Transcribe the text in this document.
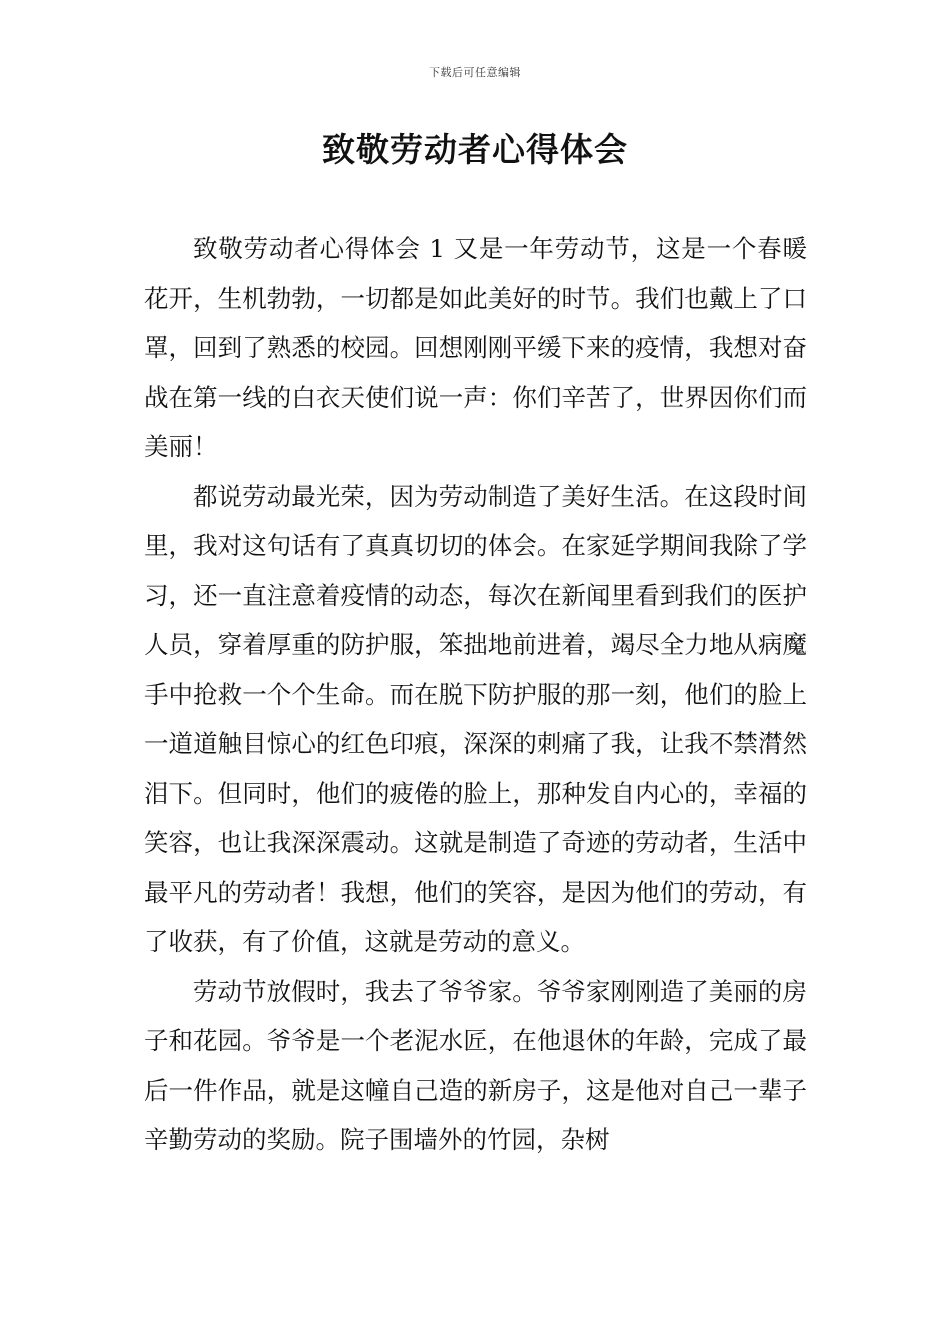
下载后可任意编辑
致敬劳动者心得体会

致敬劳动者心得体会 1 又是一年劳动节，这是一个春暖花开，生机勃勃，一切都是如此美好的时节。我们也戴上了口罩，回到了熟悉的校园。回想刚刚平缓下来的疫情，我想对奋战在第一线的白衣天使们说一声：你们辛苦了，世界因你们而美丽！

都说劳动最光荣，因为劳动制造了美好生活。在这段时间里，我对这句话有了真真切切的体会。在家延学期间我除了学习，还一直注意着疫情的动态，每次在新闻里看到我们的医护人员，穿着厚重的防护服，笨拙地前进着，竭尽全力地从病魔手中抢救一个个生命。而在脱下防护服的那一刻，他们的脸上一道道触目惊心的红色印痕，深深的刺痛了我，让我不禁潸然泪下。但同时，他们的疲倦的脸上，那种发自内心的，幸福的笑容，也让我深深震动。这就是制造了奇迹的劳动者，生活中最平凡的劳动者！我想，他们的笑容，是因为他们的劳动，有了收获，有了价值，这就是劳动的意义。

劳动节放假时，我去了爷爷家。爷爷家刚刚造了美丽的房子和花园。爷爷是一个老泥水匠，在他退休的年龄，完成了最后一件作品，就是这幢自己造的新房子，这是他对自己一辈子辛勤劳动的奖励。院子围墙外的竹园，杂树
